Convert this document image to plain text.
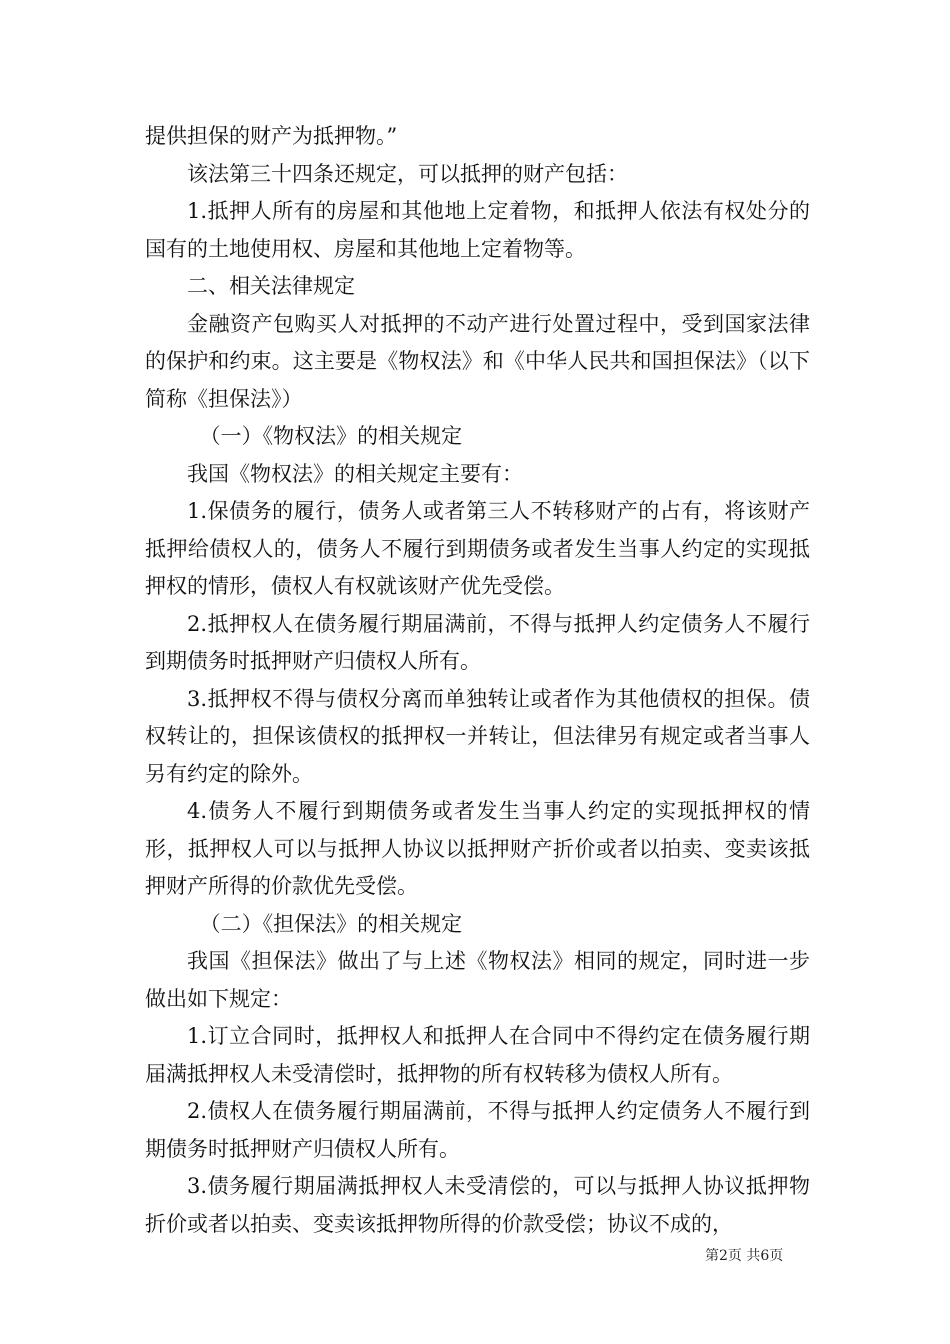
提供担保的财产为抵押物。”

该法第三十四条还规定，可以抵押的财产包括：

1.抵押人所有的房屋和其他地上定着物，和抵押人依法有权处分的国有的土地使用权、房屋和其他地上定着物等。

二、相关法律规定

金融资产包购买人对抵押的不动产进行处置过程中，受到国家法律的保护和约束。这主要是《物权法》和《中华人民共和国担保法》（以下简称《担保法》）

（一）《物权法》的相关规定

我国《物权法》的相关规定主要有：

1.保债务的履行，债务人或者第三人不转移财产的占有，将该财产抵押给债权人的，债务人不履行到期债务或者发生当事人约定的实现抵押权的情形，债权人有权就该财产优先受偿。

2.抵押权人在债务履行期届满前，不得与抵押人约定债务人不履行到期债务时抵押财产归债权人所有。

3.抵押权不得与债权分离而单独转让或者作为其他债权的担保。债权转让的，担保该债权的抵押权一并转让，但法律另有规定或者当事人另有约定的除外。

4.债务人不履行到期债务或者发生当事人约定的实现抵押权的情形，抵押权人可以与抵押人协议以抵押财产折价或者以拍卖、变卖该抵押财产所得的价款优先受偿。

（二）《担保法》的相关规定

我国《担保法》做出了与上述《物权法》相同的规定，同时进一步做出如下规定：

1.订立合同时，抵押权人和抵押人在合同中不得约定在债务履行期届满抵押权人未受清偿时，抵押物的所有权转移为债权人所有。

2.债权人在债务履行期届满前，不得与抵押人约定债务人不履行到期债务时抵押财产归债权人所有。

3.债务履行期届满抵押权人未受清偿的，可以与抵押人协议抵押物折价或者以拍卖、变卖该抵押物所得的价款受偿；协议不成的，

第2页 共6页
